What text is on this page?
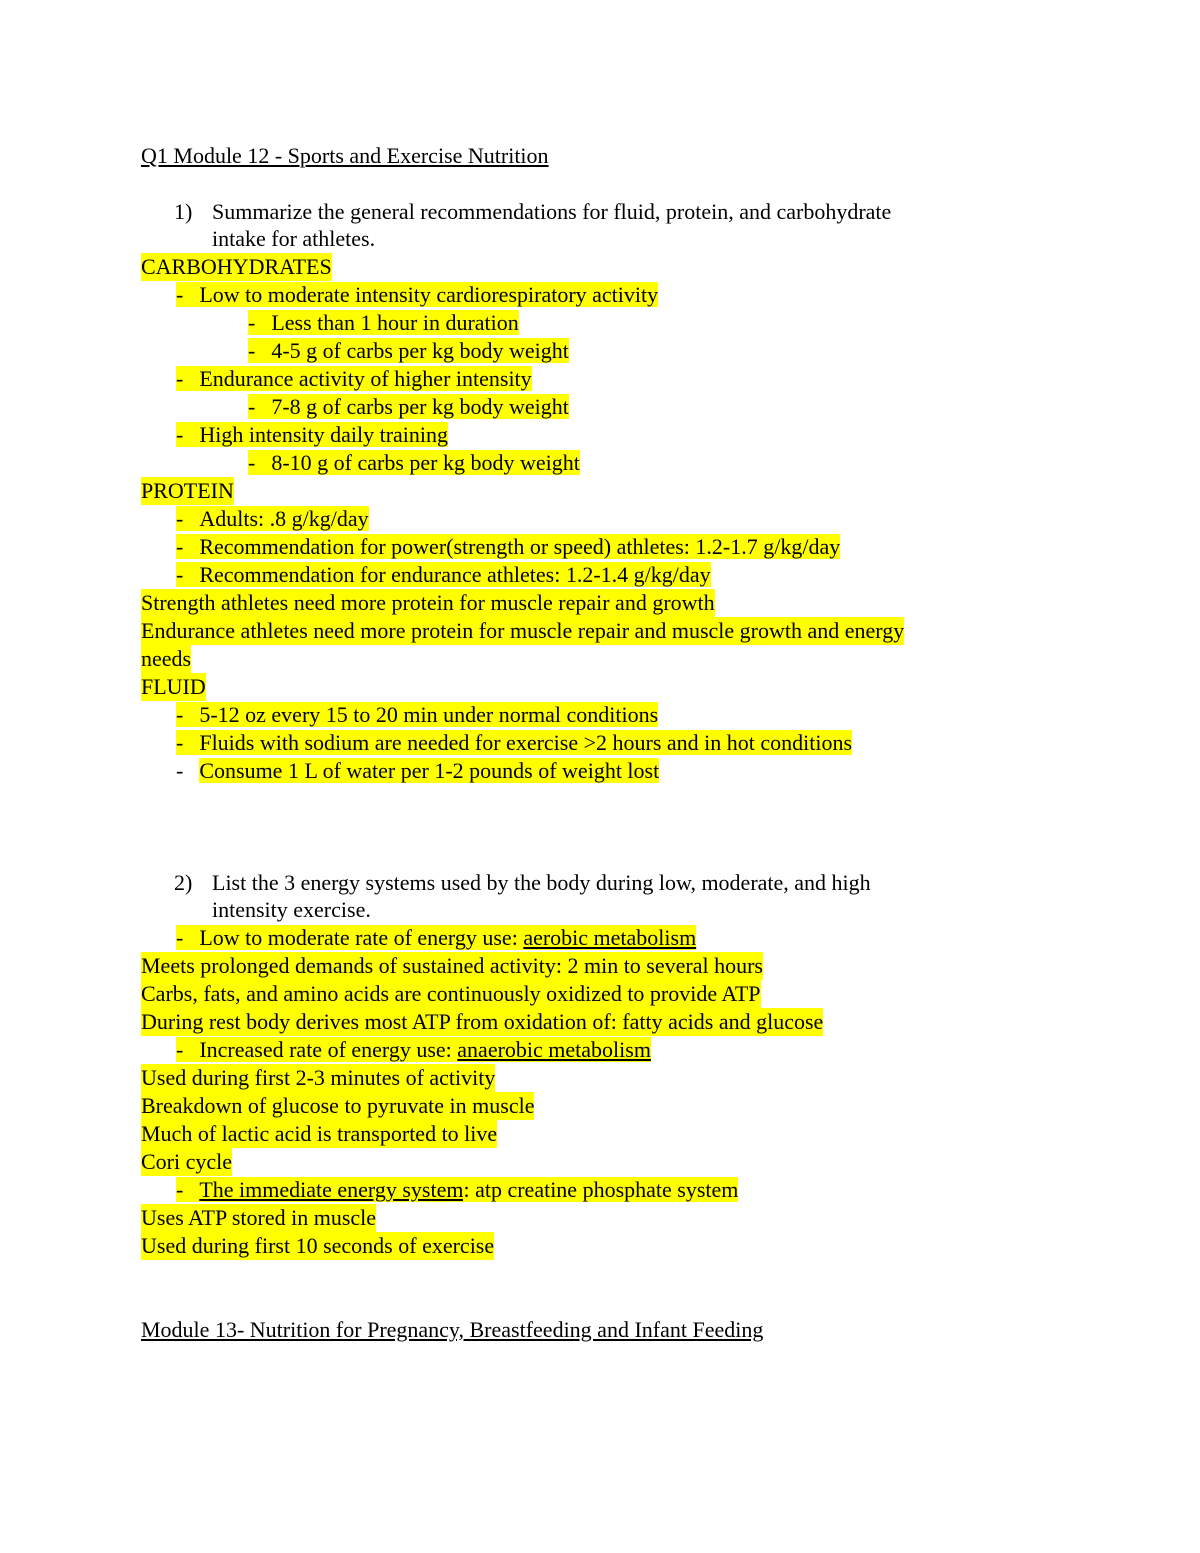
Q1 Module 12 - Sports and Exercise Nutrition
1) Summarize the general recommendations for fluid, protein, and carbohydrate
intake for athletes.
CARBOHYDRATES
- Low to moderate intensity cardiorespiratory activity
- Less than 1 hour in duration
- 4-5 g of carbs per kg body weight
- Endurance activity of higher intensity
- 7-8 g of carbs per kg body weight
- High intensity daily training
- 8-10 g of carbs per kg body weight
PROTEIN
- Adults: .8 g/kg/day
- Recommendation for power(strength or speed) athletes: 1.2-1.7 g/kg/day
- Recommendation for endurance athletes: 1.2-1.4 g/kg/day
Strength athletes need more protein for muscle repair and growth
Endurance athletes need more protein for muscle repair and muscle growth and energy
needs
FLUID
- 5-12 oz every 15 to 20 min under normal conditions
- Fluids with sodium are needed for exercise >2 hours and in hot conditions
- Consume 1 L of water per 1-2 pounds of weight lost
2) List the 3 energy systems used by the body during low, moderate, and high
intensity exercise.
- Low to moderate rate of energy use: aerobic metabolism
Meets prolonged demands of sustained activity: 2 min to several hours
Carbs, fats, and amino acids are continuously oxidized to provide ATP
During rest body derives most ATP from oxidation of: fatty acids and glucose
- Increased rate of energy use: anaerobic metabolism
Used during first 2-3 minutes of activity
Breakdown of glucose to pyruvate in muscle
Much of lactic acid is transported to live
Cori cycle
- The immediate energy system: atp creatine phosphate system
Uses ATP stored in muscle
Used during first 10 seconds of exercise
Module 13- Nutrition for Pregnancy, Breastfeeding and Infant Feeding
